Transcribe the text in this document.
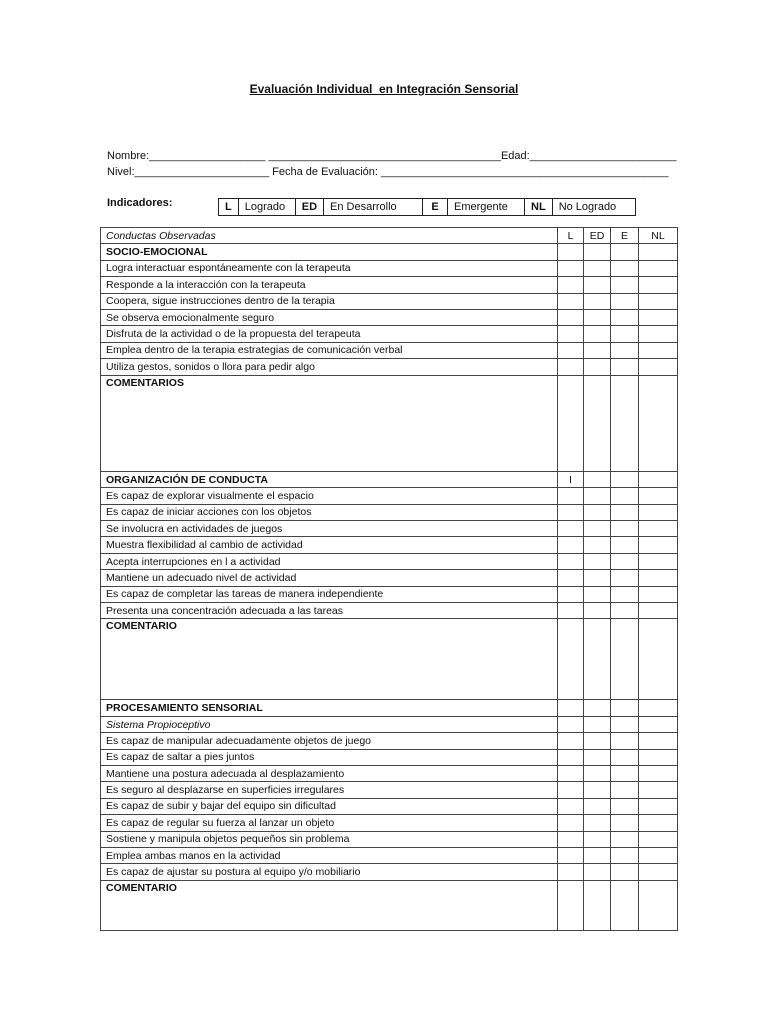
Evaluación Individual  en Integración Sensorial
Nombre:___________________ ______________________________________Edad:________________________
Nivel:______________________ Fecha de Evaluación: _______________________________________________
Indicadores:	L	Logrado	ED	En Desarrollo	E	Emergente	NL	No Logrado
Conductas Observadas	L	ED	E	NL
SOCIO-EMOCIONAL				
Logra interactuar espontáneamente con la terapeuta				
Responde a la interacción con la terapeuta				
Coopera, sigue instrucciones dentro de la terapia				
Se observa emocionalmente seguro				
Disfruta de la actividad o de la propuesta del terapeuta				
Emplea dentro de la terapia estrategias de comunicación verbal				
Utiliza gestos, sonidos o llora para pedir algo				
COMENTARIOS				
ORGANIZACIÓN DE CONDUCTA	I			
Es capaz de explorar visualmente el espacio				
Es capaz de iniciar acciones con los objetos				
Se involucra en actividades de juegos				
Muestra flexibilidad al cambio de actividad				
Acepta interrupciones en l a actividad				
Mantiene un adecuado nivel de actividad				
Es capaz de completar las tareas de manera independiente				
Presenta una concentración adecuada a las tareas				
COMENTARIO				
PROCESAMIENTO SENSORIAL				
Sistema Propioceptivo				
Es capaz de manipular adecuadamente objetos de juego				
Es capaz de saltar a pies juntos				
Mantiene una postura adecuada al desplazamiento				
Es seguro al desplazarse en superficies irregulares				
Es capaz de subir y bajar del equipo sin dificultad				
Es capaz de regular su fuerza al lanzar un objeto				
Sostiene y manipula objetos pequeños sin problema				
Emplea ambas manos en la actividad				
Es capaz de ajustar su postura al equipo y/o mobiliario				
COMENTARIO				
